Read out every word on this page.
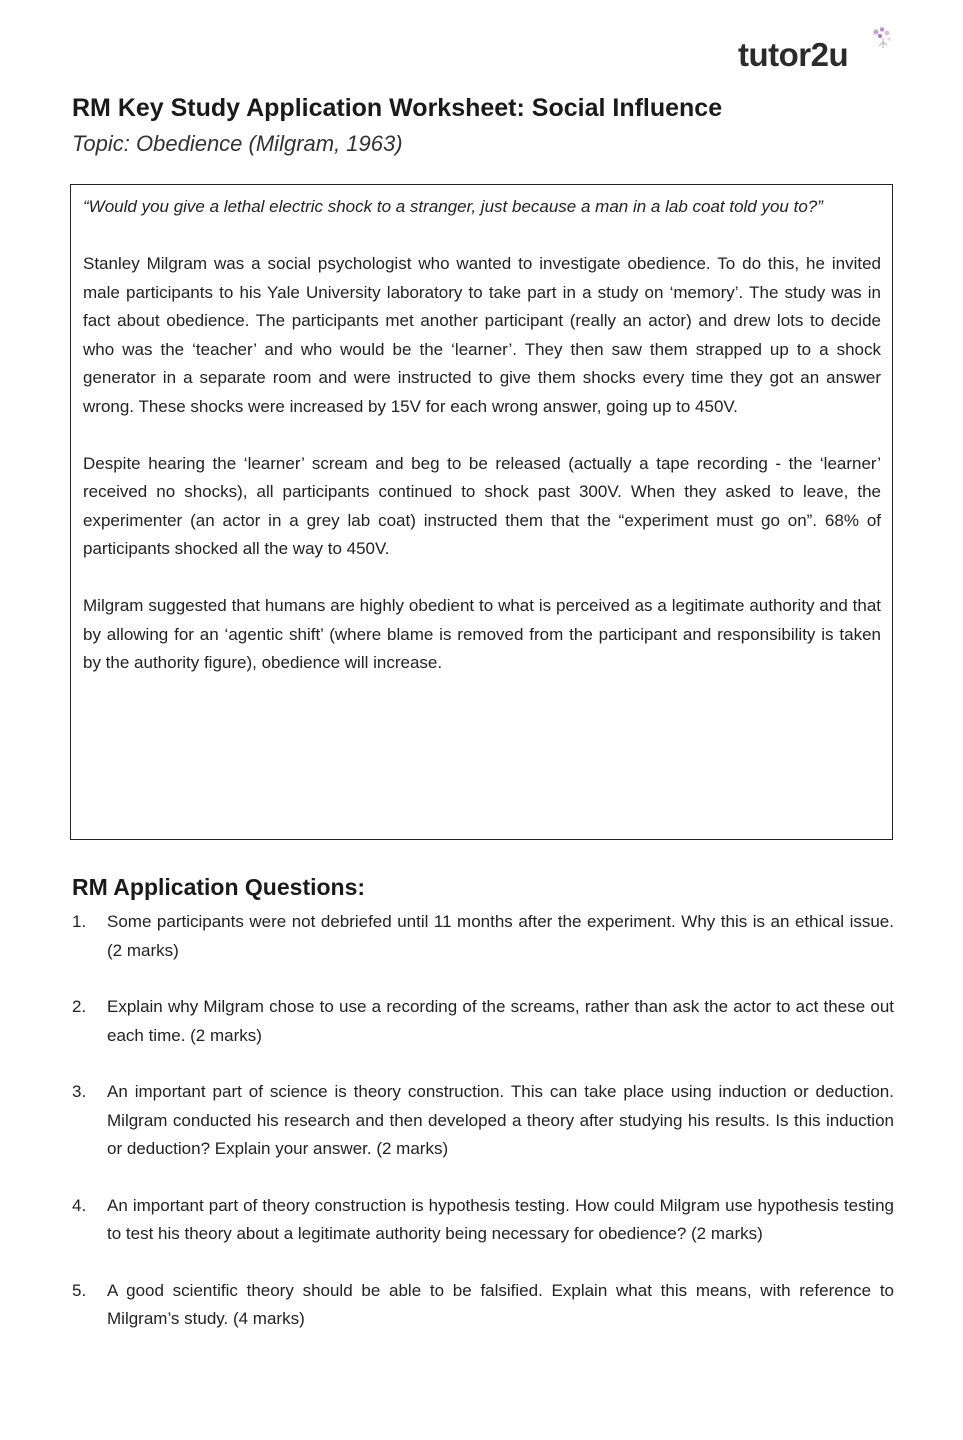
tutor2u
RM Key Study Application Worksheet: Social Influence
Topic: Obedience (Milgram, 1963)

“Would you give a lethal electric shock to a stranger, just because a man in a lab coat told you to?”

Stanley Milgram was a social psychologist who wanted to investigate obedience. To do this, he invited male participants to his Yale University laboratory to take part in a study on ‘memory’. The study was in fact about obedience. The participants met another participant (really an actor) and drew lots to decide who was the ‘teacher’ and who would be the ‘learner’. They then saw them strapped up to a shock generator in a separate room and were instructed to give them shocks every time they got an answer wrong. These shocks were increased by 15V for each wrong answer, going up to 450V.

Despite hearing the ‘learner’ scream and beg to be released (actually a tape recording - the ‘learner’ received no shocks), all participants continued to shock past 300V. When they asked to leave, the experimenter (an actor in a grey lab coat) instructed them that the “experiment must go on”. 68% of participants shocked all the way to 450V.

Milgram suggested that humans are highly obedient to what is perceived as a legitimate authority and that by allowing for an ‘agentic shift’ (where blame is removed from the participant and responsibility is taken by the authority figure), obedience will increase.

RM Application Questions:
1. Some participants were not debriefed until 11 months after the experiment. Why this is an ethical issue. (2 marks)
2. Explain why Milgram chose to use a recording of the screams, rather than ask the actor to act these out each time. (2 marks)
3. An important part of science is theory construction. This can take place using induction or deduction. Milgram conducted his research and then developed a theory after studying his results. Is this induction or deduction? Explain your answer. (2 marks)
4. An important part of theory construction is hypothesis testing. How could Milgram use hypothesis testing to test his theory about a legitimate authority being necessary for obedience? (2 marks)
5. A good scientific theory should be able to be falsified. Explain what this means, with reference to Milgram’s study. (4 marks)
